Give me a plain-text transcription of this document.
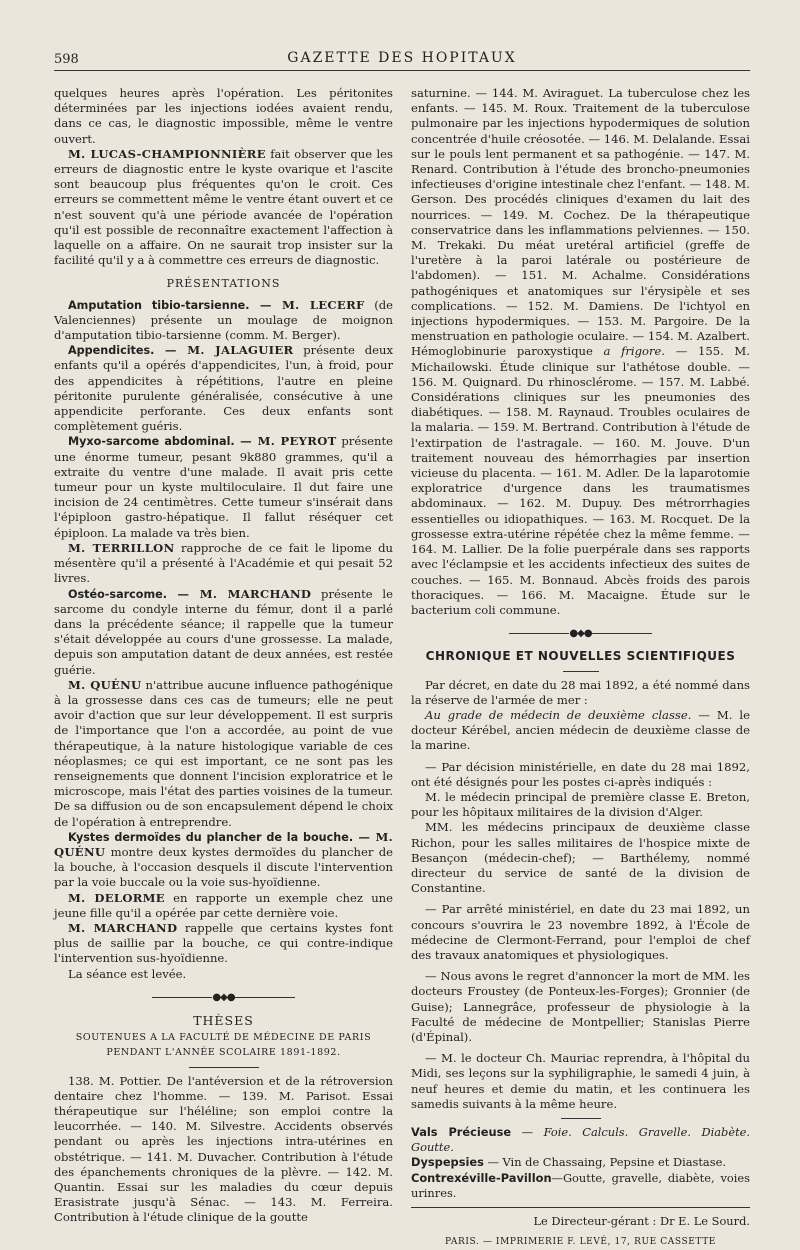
598	GAZETTE DES HOPITAUX

quelques heures après l'opération. Les péritonites déterminées par les injections iodées avaient rendu, dans ce cas, le diagnostic impossible, même le ventre ouvert.

M. LUCAS-CHAMPIONNIÈRE fait observer que les erreurs de diagnostic entre le kyste ovarique et l'ascite sont beaucoup plus fréquentes qu'on le croit. Ces erreurs se commettent même le ventre étant ouvert et ce n'est souvent qu'à une période avancée de l'opération qu'il est possible de reconnaître exactement l'affection à laquelle on a affaire. On ne saurait trop insister sur la facilité qu'il y a à commettre ces erreurs de diagnostic.

PRÉSENTATIONS

Amputation tibio-tarsienne. — M. LECERF (de Valenciennes) présente un moulage de moignon d'amputation tibio-tarsienne (comm. M. Berger).

Appendicites. — M. JALAGUIER présente deux enfants qu'il a opérés d'appendicites, l'un, à froid, pour des appendicites à répétitions, l'autre en pleine péritonite purulente généralisée, consécutive à une appendicite perforante. Ces deux enfants sont complètement guéris.

Myxo-sarcome abdominal. — M. PEYROT présente une énorme tumeur, pesant 9k880 grammes, qu'il a extraite du ventre d'une malade. Il avait pris cette tumeur pour un kyste multiloculaire. Il dut faire une incision de 24 centimètres. Cette tumeur s'insérait dans l'épiploon gastro-hépatique. Il fallut réséquer cet épiploon. La malade va très bien.

M. TERRILLON rapproche de ce fait le lipome du mésentère qu'il a présenté à l'Académie et qui pesait 52 livres.

Ostéo-sarcome. — M. MARCHAND présente le sarcome du condyle interne du fémur, dont il a parlé dans la précédente séance; il rappelle que la tumeur s'était développée au cours d'une grossesse. La malade, depuis son amputation datant de deux années, est restée guérie.

M. QUÉNU n'attribue aucune influence pathogénique à la grossesse dans ces cas de tumeurs; elle ne peut avoir d'action que sur leur développement. Il est surpris de l'importance que l'on a accordée, au point de vue thérapeutique, à la nature histologique variable de ces néoplasmes; ce qui est important, ce ne sont pas les renseignements que donnent l'incision exploratrice et le microscope, mais l'état des parties voisines de la tumeur. De sa diffusion ou de son encapsulement dépend le choix de l'opération à entreprendre.

Kystes dermoïdes du plancher de la bouche. — M. QUÉNU montre deux kystes dermoïdes du plancher de la bouche, à l'occasion desquels il discute l'intervention par la voie buccale ou la voie sus-hyoïdienne.

M. DELORME en rapporte un exemple chez une jeune fille qu'il a opérée par cette dernière voie.

M. MARCHAND rappelle que certains kystes font plus de saillie par la bouche, ce qui contre-indique l'intervention sus-hyoïdienne.

La séance est levée.

●◆●
THÈSES

SOUTENUES A LA FACULTÉ DE MÉDECINE DE PARIS

PENDANT L'ANNÉE SCOLAIRE 1891-1892.

138. M. Pottier. De l'antéversion et de la rétroversion dentaire chez l'homme. — 139. M. Parisot. Essai thérapeutique sur l'héléline; son emploi contre la leucorrhée. — 140. M. Silvestre. Accidents observés pendant ou après les injections intra-utérines en obstétrique. — 141. M. Duvacher. Contribution à l'étude des épanchements chroniques de la plèvre. — 142. M. Quantin. Essai sur les maladies du cœur depuis Erasistrate jusqu'à Sénac. — 143. M. Ferreira. Contribution à l'étude clinique de la goutte

saturnine. — 144. M. Aviraguet. La tuberculose chez les enfants. — 145. M. Roux. Traitement de la tuberculose pulmonaire par les injections hypodermiques de solution concentrée d'huile créosotée. — 146. M. Delalande. Essai sur le pouls lent permanent et sa pathogénie. — 147. M. Renard. Contribution à l'étude des broncho-pneumonies infectieuses d'origine intestinale chez l'enfant. — 148. M. Gerson. Des procédés cliniques d'examen du lait des nourrices. — 149. M. Cochez. De la thérapeutique conservatrice dans les inflammations pelviennes. — 150. M. Trekaki. Du méat uretéral artificiel (greffe de l'uretère à la paroi latérale ou postérieure de l'abdomen). — 151. M. Achalme. Considérations pathogéniques et anatomiques sur l'érysipèle et ses complications. — 152. M. Damiens. De l'ichtyol en injections hypodermiques. — 153. M. Pargoire. De la menstruation en pathologie oculaire. — 154. M. Azalbert. Hémoglobinurie paroxystique a frigore. — 155. M. Michailowski. Étude clinique sur l'athétose double. — 156. M. Quignard. Du rhinosclérome. — 157. M. Labbé. Considérations cliniques sur les pneumonies des diabétiques. — 158. M. Raynaud. Troubles oculaires de la malaria. — 159. M. Bertrand. Contribution à l'étude de l'extirpation de l'astragale. — 160. M. Jouve. D'un traitement nouveau des hémorrhagies par insertion vicieuse du placenta. — 161. M. Adler. De la laparotomie exploratrice d'urgence dans les traumatismes abdominaux. — 162. M. Dupuy. Des métrorrhagies essentielles ou idiopathiques. — 163. M. Rocquet. De la grossesse extra-utérine répétée chez la même femme. — 164. M. Lallier. De la folie puerpérale dans ses rapports avec l'éclampsie et les accidents infectieux des suites de couches. — 165. M. Bonnaud. Abcès froids des parois thoraciques. — 166. M. Macaigne. Étude sur le bacterium coli commune.

●◆●
CHRONIQUE ET NOUVELLES SCIENTIFIQUES

Par décret, en date du 28 mai 1892, a été nommé dans la réserve de l'armée de mer :

Au grade de médecin de deuxième classe. — M. le docteur Kérébel, ancien médecin de deuxième classe de la marine.

— Par décision ministérielle, en date du 28 mai 1892, ont été désignés pour les postes ci-après indiqués :

M. le médecin principal de première classe E. Breton, pour les hôpitaux militaires de la division d'Alger.

MM. les médecins principaux de deuxième classe Richon, pour les salles militaires de l'hospice mixte de Besançon (médecin-chef); — Barthélemy, nommé directeur du service de santé de la division de Constantine.

— Par arrêté ministériel, en date du 23 mai 1892, un concours s'ouvrira le 23 novembre 1892, à l'École de médecine de Clermont-Ferrand, pour l'emploi de chef des travaux anatomiques et physiologiques.

— Nous avons le regret d'annoncer la mort de MM. les docteurs Froustey (de Ponteux-les-Forges); Gronnier (de Guise); Lannegrâce, professeur de physiologie à la Faculté de médecine de Montpellier; Stanislas Pierre (d'Épinal).

— M. le docteur Ch. Mauriac reprendra, à l'hôpital du Midi, ses leçons sur la syphiligraphie, le samedi 4 juin, à neuf heures et demie du matin, et les continuera les samedis suivants à la même heure.

Vals Précieuse — Foie. Calculs. Gravelle. Diabète. Goutte.

Dyspepsies — Vin de Chassaing, Pepsine et Diastase.

Contrexéville-Pavillon—Goutte, gravelle, diabète, voies urinres.

Le Directeur-gérant : Dr E. Le Sourd.
PARIS. — IMPRIMERIE F. LEVÉ, 17, RUE CASSETTE
